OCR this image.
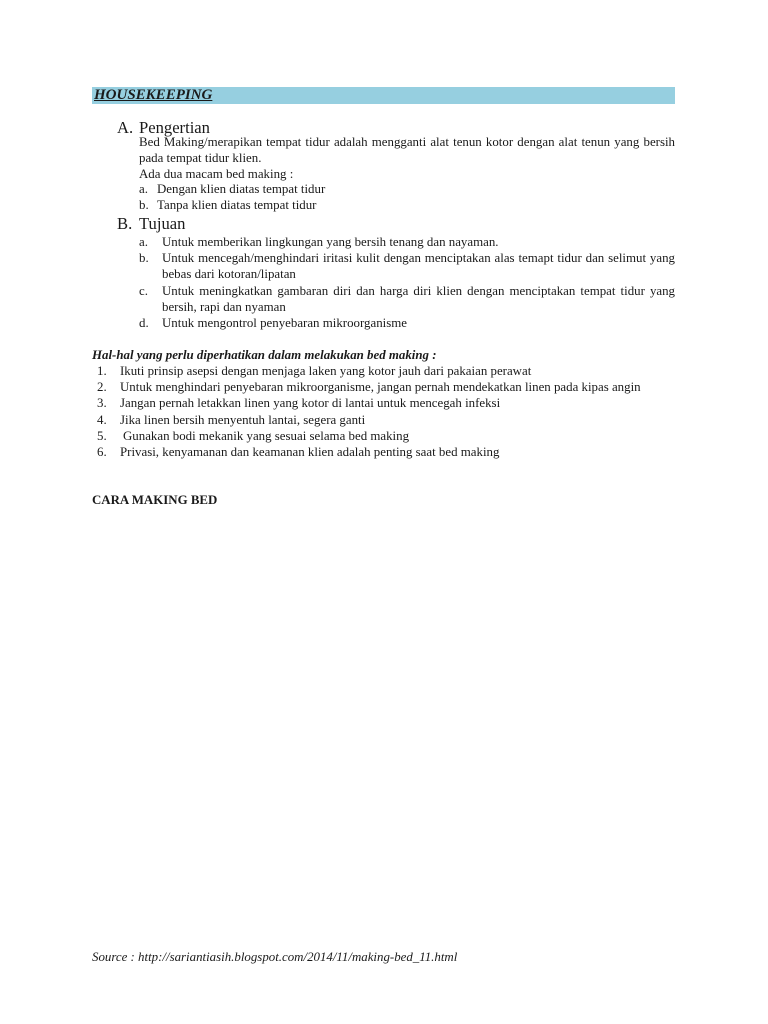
HOUSEKEEPING
A. Pengertian

Bed Making/merapikan tempat tidur adalah mengganti alat tenun kotor dengan alat tenun yang bersih pada tempat tidur klien.

Ada dua macam bed making :
a. Dengan klien diatas tempat tidur
b. Tanpa klien diatas tempat tidur
B. Tujuan
a.	Untuk memberikan lingkungan yang bersih tenang dan nayaman.
b.	Untuk mencegah/menghindari iritasi kulit dengan menciptakan alas temapt tidur dan selimut yang bebas dari kotoran/lipatan
c.	Untuk meningkatkan gambaran diri dan harga diri klien dengan menciptakan tempat tidur yang bersih, rapi dan nyaman
d.	Untuk mengontrol penyebaran mikroorganisme
Hal-hal yang perlu diperhatikan dalam melakukan bed making :
1.	Ikuti prinsip asepsi dengan menjaga laken yang kotor jauh dari pakaian perawat
2.	Untuk menghindari penyebaran mikroorganisme, jangan pernah mendekatkan linen pada kipas angin
3.	Jangan pernah letakkan linen yang kotor di lantai untuk mencegah infeksi
4.	Jika linen bersih menyentuh lantai, segera ganti
5.	Gunakan bodi mekanik yang sesuai selama bed making
6.	Privasi, kenyamanan dan keamanan klien adalah penting saat bed making
CARA MAKING BED
Source : http://sariantiasih.blogspot.com/2014/11/making-bed_11.html
